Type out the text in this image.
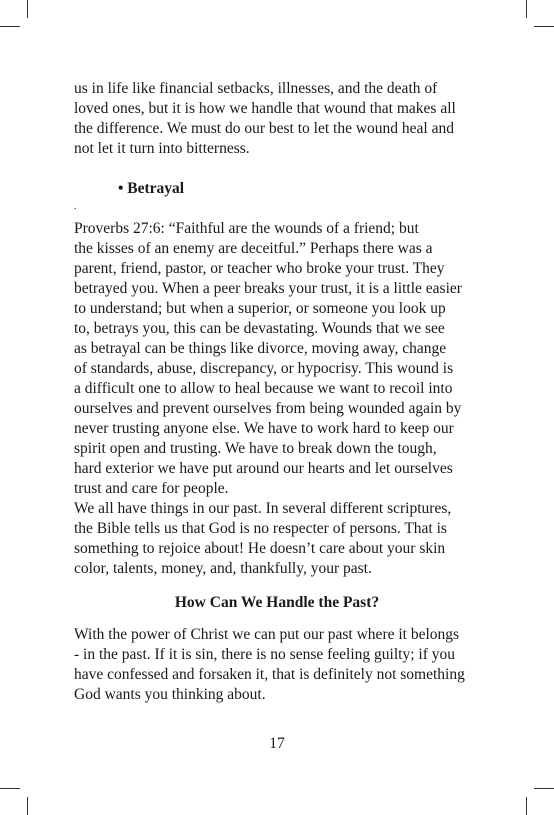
us in life like financial setbacks, illnesses, and the death of
loved ones, but it is how we handle that wound that makes all
the difference. We must do our best to let the wound heal and
not let it turn into bitterness.
• Betrayal
.
Proverbs 27:6: “Faithful are the wounds of a friend; but
the kisses of an enemy are deceitful.” Perhaps there was a
parent, friend, pastor, or teacher who broke your trust. They
betrayed you. When a peer breaks your trust, it is a little easier
to understand; but when a superior, or someone you look up
to, betrays you, this can be devastating. Wounds that we see
as betrayal can be things like divorce, moving away, change
of standards, abuse, discrepancy, or hypocrisy. This wound is
a difficult one to allow to heal because we want to recoil into
ourselves and prevent ourselves from being wounded again by
never trusting anyone else. We have to work hard to keep our
spirit open and trusting. We have to break down the tough,
hard exterior we have put around our hearts and let ourselves
trust and care for people.
We all have things in our past. In several different scriptures,
the Bible tells us that God is no respecter of persons. That is
something to rejoice about! He doesn’t care about your skin
color, talents, money, and, thankfully, your past.
How Can We Handle the Past?
With the power of Christ we can put our past where it belongs
- in the past. If it is sin, there is no sense feeling guilty; if you
have confessed and forsaken it, that is definitely not something
God wants you thinking about.
17
